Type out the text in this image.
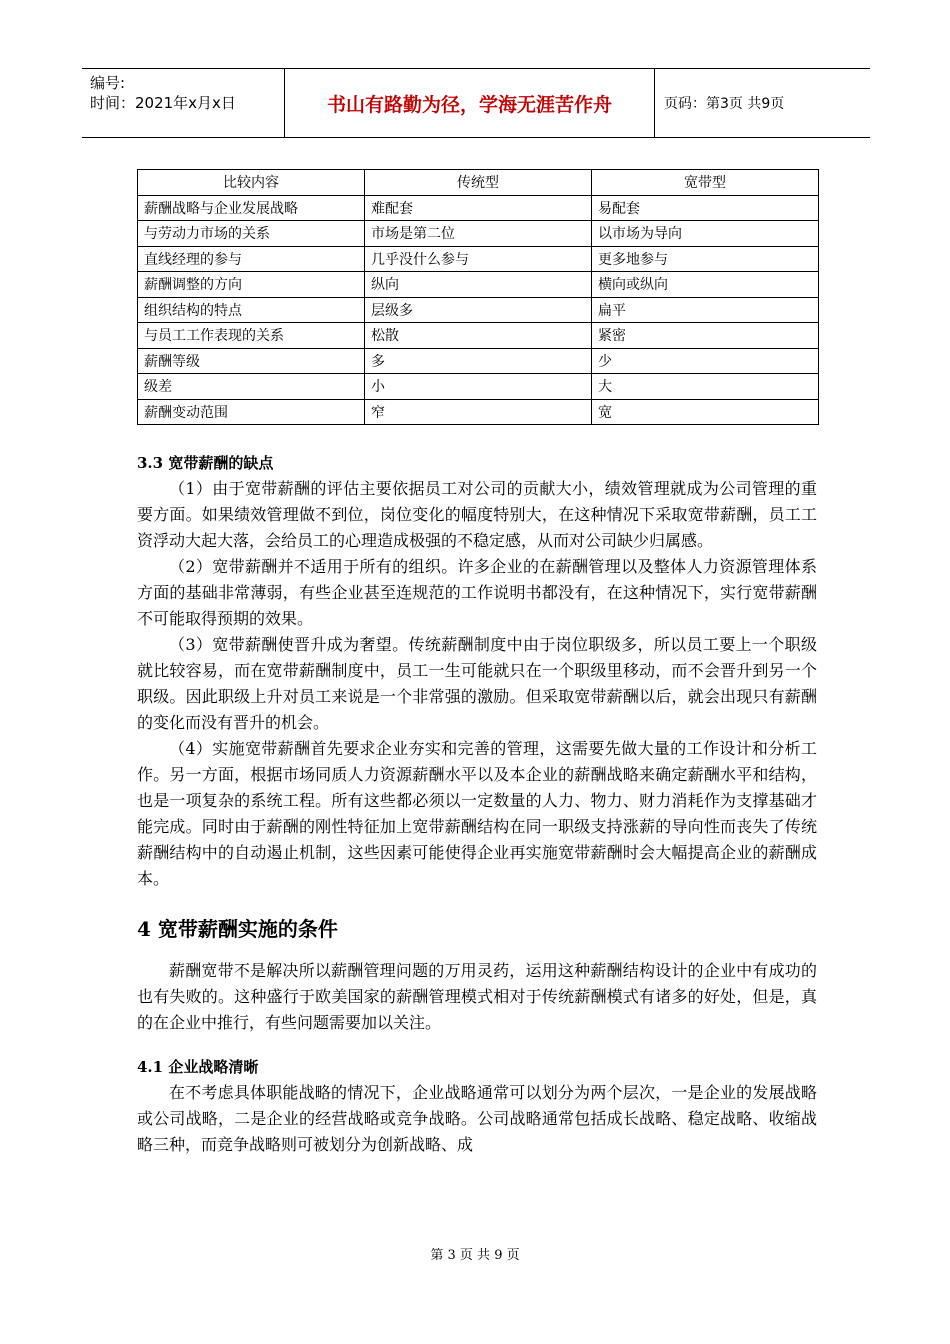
编号:
时间：2021年x月x日	书山有路勤为径，学海无涯苦作舟	页码：第3页 共9页
比较内容	传统型	宽带型
薪酬战略与企业发展战略	难配套	易配套
与劳动力市场的关系	市场是第二位	以市场为导向
直线经理的参与	几乎没什么参与	更多地参与
薪酬调整的方向	纵向	横向或纵向
组织结构的特点	层级多	扁平
与员工工作表现的关系	松散	紧密
薪酬等级	多	少
级差	小	大
薪酬变动范围	窄	宽

3.3 宽带薪酬的缺点

（1）由于宽带薪酬的评估主要依据员工对公司的贡献大小，绩效管理就成为公司管理的重要方面。如果绩效管理做不到位，岗位变化的幅度特别大，在这种情况下采取宽带薪酬，员工工资浮动大起大落，会给员工的心理造成极强的不稳定感，从而对公司缺少归属感。

（2）宽带薪酬并不适用于所有的组织。许多企业的在薪酬管理以及整体人力资源管理体系方面的基础非常薄弱，有些企业甚至连规范的工作说明书都没有，在这种情况下，实行宽带薪酬不可能取得预期的效果。

（3）宽带薪酬使晋升成为奢望。传统薪酬制度中由于岗位职级多，所以员工要上一个职级就比较容易，而在宽带薪酬制度中，员工一生可能就只在一个职级里移动，而不会晋升到另一个职级。因此职级上升对员工来说是一个非常强的激励。但采取宽带薪酬以后，就会出现只有薪酬的变化而没有晋升的机会。

（4）实施宽带薪酬首先要求企业夯实和完善的管理，这需要先做大量的工作设计和分析工作。另一方面，根据市场同质人力资源薪酬水平以及本企业的薪酬战略来确定薪酬水平和结构，也是一项复杂的系统工程。所有这些都必须以一定数量的人力、物力、财力消耗作为支撑基础才能完成。同时由于薪酬的刚性特征加上宽带薪酬结构在同一职级支持涨薪的导向性而丧失了传统薪酬结构中的自动遏止机制，这些因素可能使得企业再实施宽带薪酬时会大幅提高企业的薪酬成本。

4 宽带薪酬实施的条件

薪酬宽带不是解决所以薪酬管理问题的万用灵药，运用这种薪酬结构设计的企业中有成功的也有失败的。这种盛行于欧美国家的薪酬管理模式相对于传统薪酬模式有诸多的好处，但是，真的在企业中推行，有些问题需要加以关注。

4.1 企业战略清晰

在不考虑具体职能战略的情况下，企业战略通常可以划分为两个层次，一是企业的发展战略或公司战略，二是企业的经营战略或竞争战略。公司战略通常包括成长战略、稳定战略、收缩战略三种，而竞争战略则可被划分为创新战略、成

第 3 页 共 9 页
